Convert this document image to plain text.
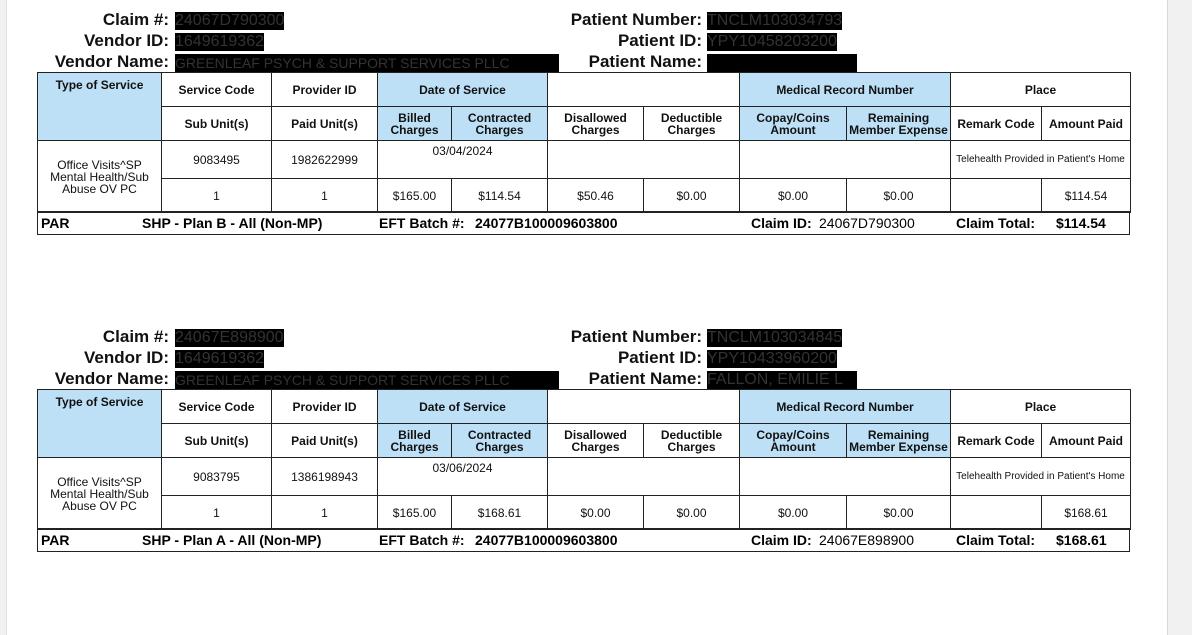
Claim #: 24067D790300	Patient Number: TNCLM103034793
Vendor ID: 1649619362	Patient ID: YPY10458203200
Vendor Name: GREENLEAF PSYCH & SUPPORT SERVICES PLLC	Patient Name:
Type of Service	Service Code	Provider ID	Date of Service				Medical Record Number		Place	
	Sub Unit(s)	Paid Unit(s)	Billed Charges	Contracted Charges	Disallowed Charges	Deductible Charges	Copay/Coins Amount	Remaining Member Expense	Remark Code	Amount Paid
Office Visits^SP Mental Health/Sub Abuse OV PC	9083495	1982622999	03/04/2024						Telehealth Provided in Patient's Home	
	1	1	$165.00	$114.54	$50.46	$0.00	$0.00	$0.00		$114.54
PAR	SHP - Plan B - All (Non-MP)	EFT Batch #: 24077B100009603800	Claim ID: 24067D790300	Claim Total: $114.54
Claim #: 24067E898900	Patient Number: TNCLM103034845
Vendor ID: 1649619362	Patient ID: YPY10433960200
Vendor Name: GREENLEAF PSYCH & SUPPORT SERVICES PLLC	Patient Name: FALLON, EMILIE L
Type of Service	Service Code	Provider ID	Date of Service				Medical Record Number		Place	
	Sub Unit(s)	Paid Unit(s)	Billed Charges	Contracted Charges	Disallowed Charges	Deductible Charges	Copay/Coins Amount	Remaining Member Expense	Remark Code	Amount Paid
Office Visits^SP Mental Health/Sub Abuse OV PC	9083795	1386198943	03/06/2024						Telehealth Provided in Patient's Home	
	1	1	$165.00	$168.61	$0.00	$0.00	$0.00	$0.00		$168.61
PAR	SHP - Plan A - All (Non-MP)	EFT Batch #: 24077B100009603800	Claim ID: 24067E898900	Claim Total: $168.61
